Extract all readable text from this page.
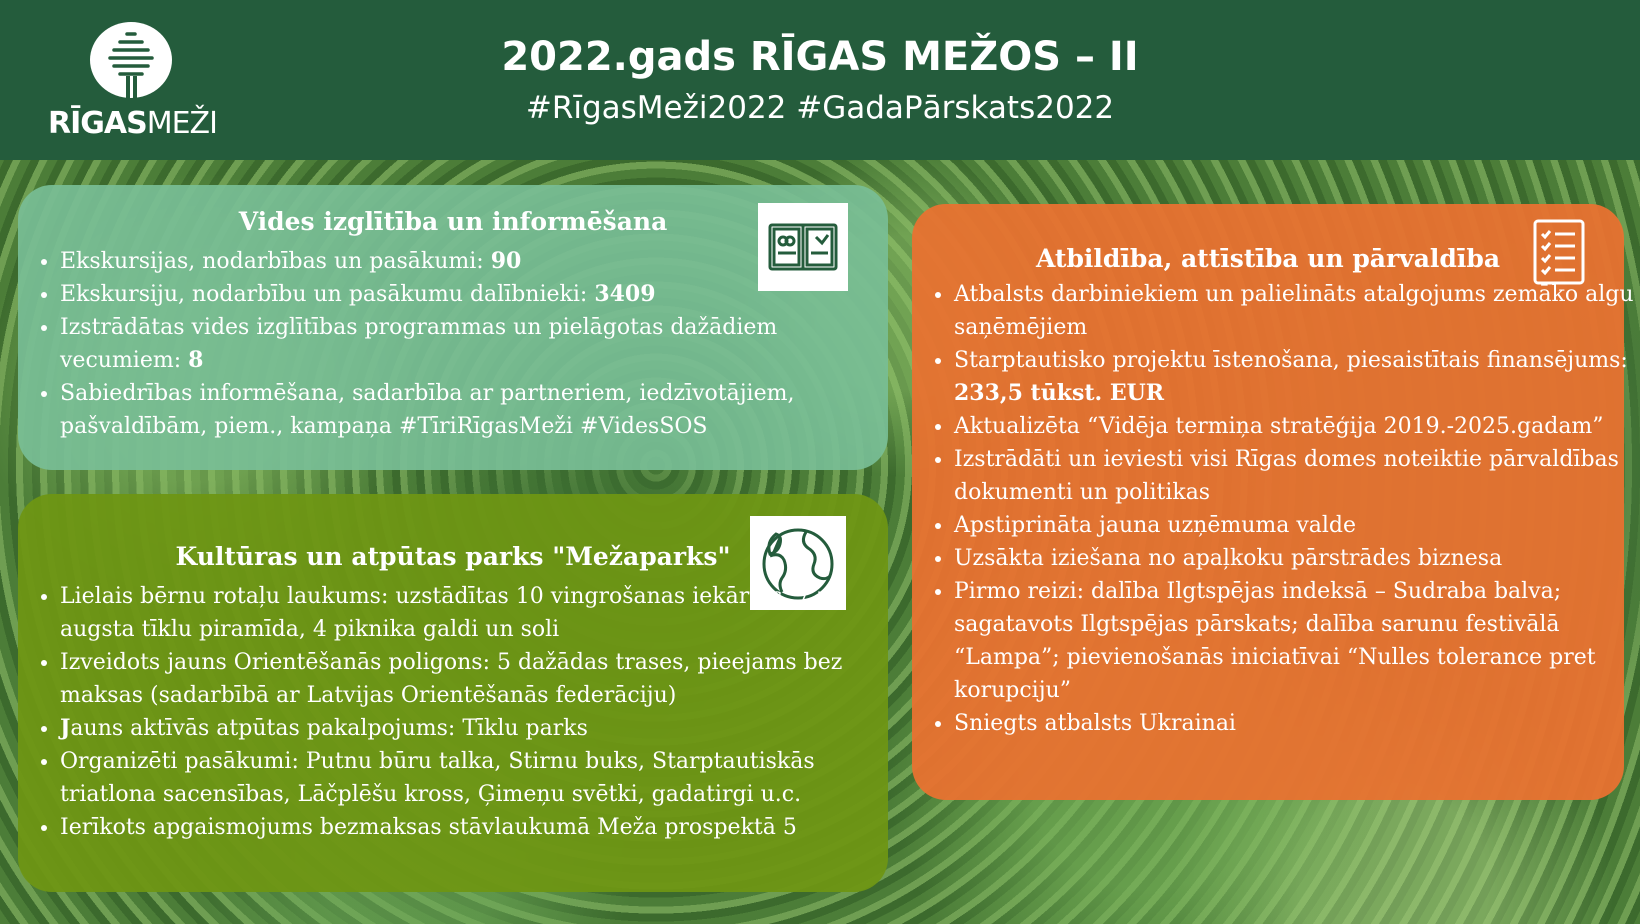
RĪGASMEŽI
2022.gads RĪGAS MEŽOS – II
#RīgasMeži2022 #GadaPārskats2022
Vides izglītība un informēšana
• Ekskursijas, nodarbības un pasākumi: 90
• Ekskursiju, nodarbību un pasākumu dalībnieki: 3409
• Izstrādātas vides izglītības programmas un pielāgotas dažādiem vecumiem: 8
• Sabiedrības informēšana, sadarbība ar partneriem, iedzīvotājiem, pašvaldībām, piem., kampaņa #TīriRīgasMeži #VidesSOS
Kultūras un atpūtas parks "Mežaparks"
• Lielais bērnu rotaļu laukums: uzstādītas 10 vingrošanas iekārtas, 7 m augsta tīklu piramīda, 4 piknika galdi un soli
• Izveidots jauns Orientēšanās poligons: 5 dažādas trases, pieejams bez maksas (sadarbībā ar Latvijas Orientēšanās federāciju)
• Jauns aktīvās atpūtas pakalpojums: Tīklu parks
• Organizēti pasākumi: Putnu būru talka, Stirnu buks, Starptautiskās triatlona sacensības, Lāčplēšu kross, Ģimeņu svētki, gadatirgi u.c.
• Ierīkots apgaismojums bezmaksas stāvlaukumā Meža prospektā 5
Atbildība, attīstība un pārvaldība
• Atbalsts darbiniekiem un palielināts atalgojums zemāko algu saņēmējiem
• Starptautisko projektu īstenošana, piesaistītais finansējums: 233,5 tūkst. EUR
• Aktualizēta “Vidēja termiņa stratēģija 2019.-2025.gadam”
• Izstrādāti un ieviesti visi Rīgas domes noteiktie pārvaldības dokumenti un politikas
• Apstiprināta jauna uzņēmuma valde
• Uzsākta iziešana no apaļkoku pārstrādes biznesa
• Pirmo reizi: dalība Ilgtspējas indeksā – Sudraba balva; sagatavots Ilgtspējas pārskats; dalība sarunu festivālā “Lampa”; pievienošanās iniciatīvai “Nulles tolerance pret korupciju”
• Sniegts atbalsts Ukrainai
